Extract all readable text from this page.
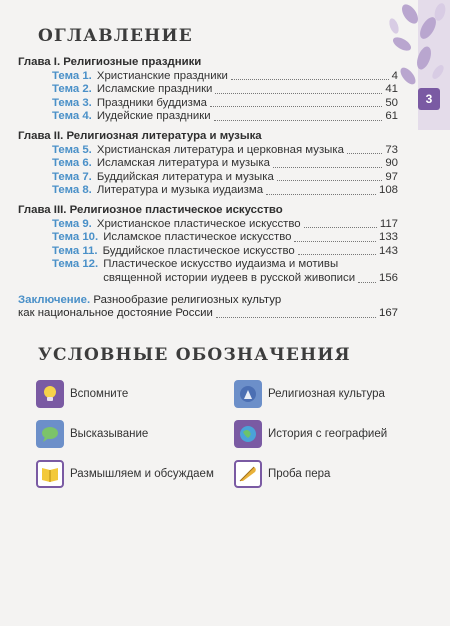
3
ОГЛАВЛЕНИЕ
Глава I. Религиозные праздники
Тема 1. Христианские праздники	4
Тема 2. Исламские праздники	41
Тема 3. Праздники буддизма	50
Тема 4. Иудейские праздники	61
Глава II. Религиозная литература и музыка
Тема 5. Христианская литература и церковная музыка	73
Тема 6. Исламская литература и музыка	90
Тема 7. Буддийская литература и музыка	97
Тема 8. Литература и музыка иудаизма	108
Глава III. Религиозное пластическое искусство
Тема 9. Христианское пластическое искусство	117
Тема 10. Исламское пластическое искусство	133
Тема 11. Буддийское пластическое искусство	143
Тема 12. Пластическое искусство иудаизма и мотивы
священной истории иудеев в русской живописи 156
Заключение. Разнообразие религиозных культур
как национальное достояние России	167
УСЛОВНЫЕ ОБОЗНАЧЕНИЯ
Вспомните
Высказывание
Размышляем и обсуждаем
Религиозная культура
История с географией
Проба пера
